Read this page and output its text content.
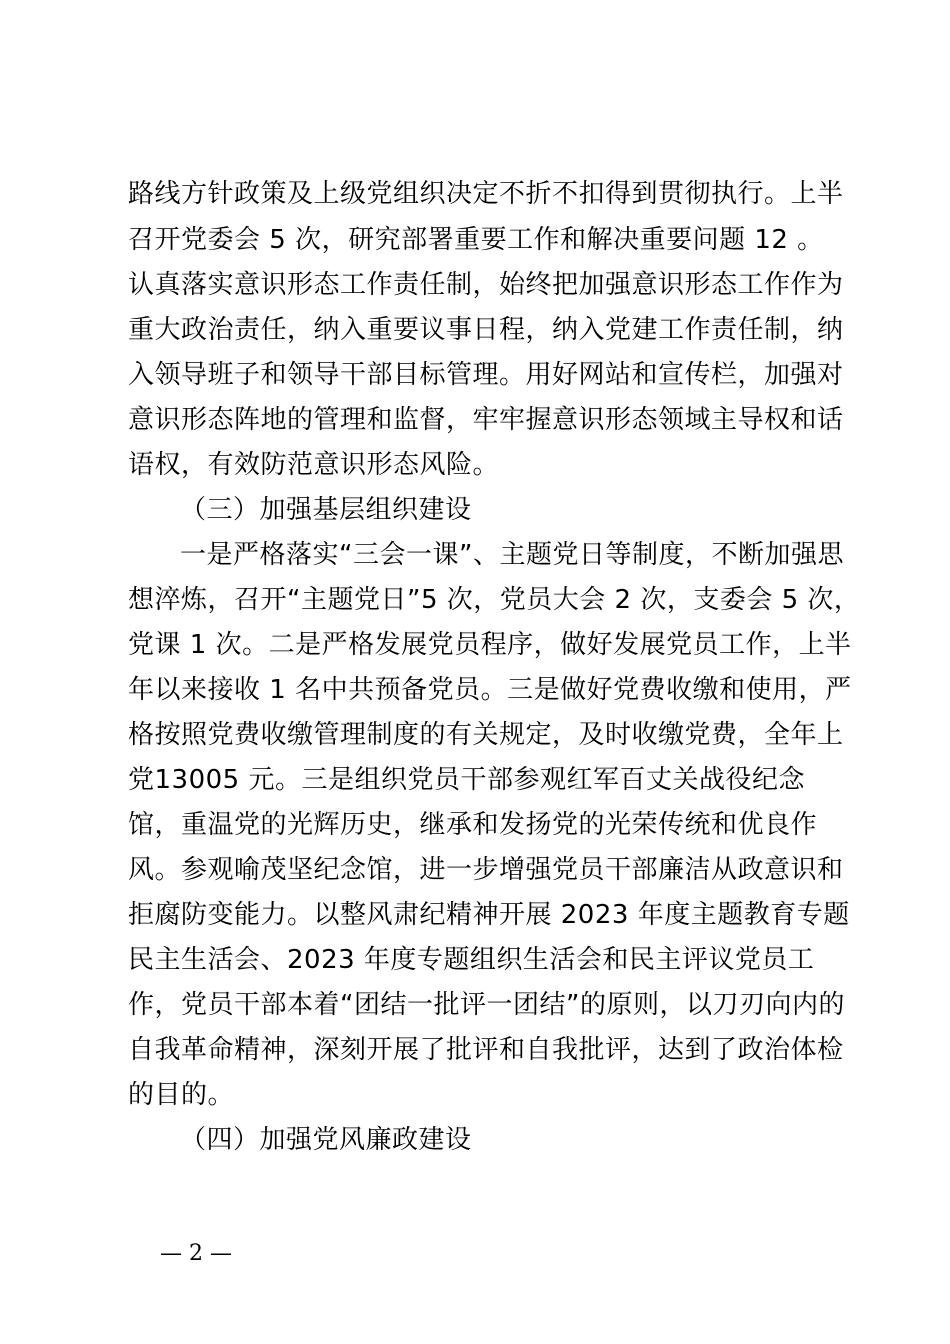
路线方针政策及上级党组织决定不折不扣得到贯彻执行。上半
召开党委会 5 次，研究部署重要工作和解决重要问题 12 。
认真落实意识形态工作责任制，始终把加强意识形态工作作为
重大政治责任，纳入重要议事日程，纳入党建工作责任制，纳
入领导班子和领导干部目标管理。用好网站和宣传栏，加强对
意识形态阵地的管理和监督，牢牢握意识形态领域主导权和话
语权，有效防范意识形态风险。
（三）加强基层组织建设
一是严格落实“三会一课”、主题党日等制度，不断加强思
想淬炼，召开“主题党日”5 次，党员大会 2 次，支委会 5 次，
党课 1 次。二是严格发展党员程序，做好发展党员工作，上半
年以来接收 1 名中共预备党员。三是做好党费收缴和使用，严
格按照党费收缴管理制度的有关规定，及时收缴党费，全年上
党13005 元。三是组织党员干部参观红军百丈关战役纪念
馆，重温党的光辉历史，继承和发扬党的光荣传统和优良作
风。参观喻茂坚纪念馆，进一步增强党员干部廉洁从政意识和
拒腐防变能力。以整风肃纪精神开展 2023 年度主题教育专题
民主生活会、2023 年度专题组织生活会和民主评议党员工
作，党员干部本着“团结一批评一团结”的原则，以刀刃向内的
自我革命精神，深刻开展了批评和自我批评，达到了政治体检
的目的。
（四）加强党风廉政建设
— 2 —
